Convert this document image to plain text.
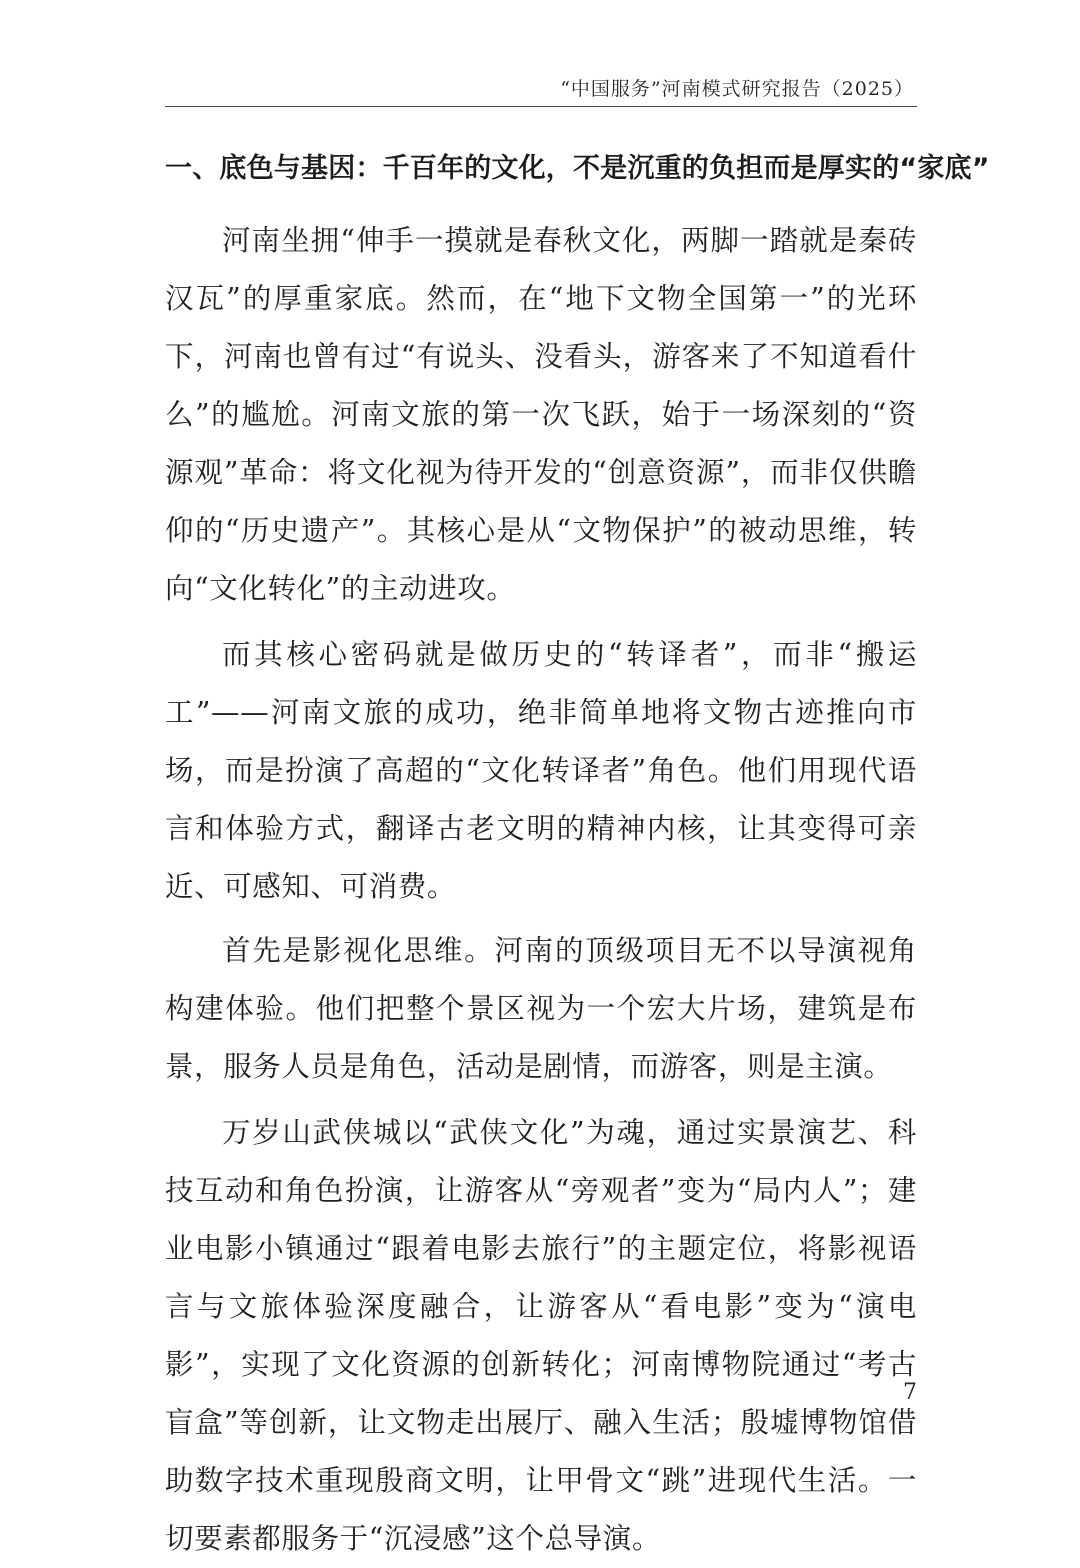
“中国服务”河南模式研究报告（2025）
一、底色与基因：千百年的文化，不是沉重的负担而是厚实的“家底”

河南坐拥“伸手一摸就是春秋文化，两脚一踏就是秦砖汉瓦”的厚重家底。然而，在“地下文物全国第一”的光环下，河南也曾有过“有说头、没看头，游客来了不知道看什么”的尴尬。河南文旅的第一次飞跃，始于一场深刻的“资源观”革命：将文化视为待开发的“创意资源”，而非仅供瞻仰的“历史遗产”。其核心是从“文物保护”的被动思维，转向“文化转化”的主动进攻。

而其核心密码就是做历史的“转译者”，而非“搬运工”——河南文旅的成功，绝非简单地将文物古迹推向市场，而是扮演了高超的“文化转译者”角色。他们用现代语言和体验方式，翻译古老文明的精神内核，让其变得可亲近、可感知、可消费。

首先是影视化思维。河南的顶级项目无不以导演视角构建体验。他们把整个景区视为一个宏大片场，建筑是布景，服务人员是角色，活动是剧情，而游客，则是主演。

万岁山武侠城以“武侠文化”为魂，通过实景演艺、科技互动和角色扮演，让游客从“旁观者”变为“局内人”；建业电影小镇通过“跟着电影去旅行”的主题定位，将影视语言与文旅体验深度融合，让游客从“看电影”变为“演电影”，实现了文化资源的创新转化；河南博物院通过“考古盲盒”等创新，让文物走出展厅、融入生活；殷墟博物馆借助数字技术重现殷商文明，让甲骨文“跳”进现代生活。一切要素都服务于“沉浸感”这个总导演。

7
